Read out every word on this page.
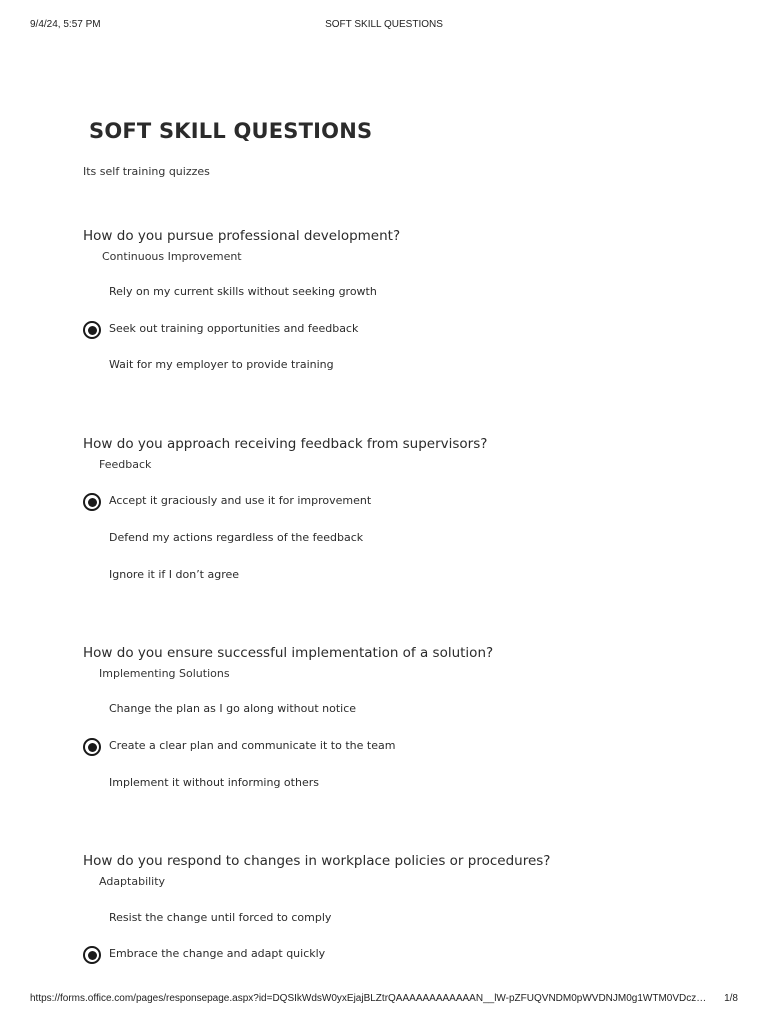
9/4/24, 5:57 PM	SOFT SKILL QUESTIONS
SOFT SKILL QUESTIONS
Its self training quizzes
How do you pursue professional development?
Continuous Improvement
Rely on my current skills without seeking growth
Seek out training opportunities and feedback
Wait for my employer to provide training
How do you approach receiving feedback from supervisors?
Feedback
Accept it graciously and use it for improvement
Defend my actions regardless of the feedback
Ignore it if I don’t agree
How do you ensure successful implementation of a solution?
Implementing Solutions
Change the plan as I go along without notice
Create a clear plan and communicate it to the team
Implement it without informing others
How do you respond to changes in workplace policies or procedures?
Adaptability
Resist the change until forced to comply
Embrace the change and adapt quickly
https://forms.office.com/pages/responsepage.aspx?id=DQSIkWdsW0yxEjajBLZtrQAAAAAAAAAAAAN__lW-pZFUQVNDM0pWVDNJM0g1WTM0VDcz…	1/8
